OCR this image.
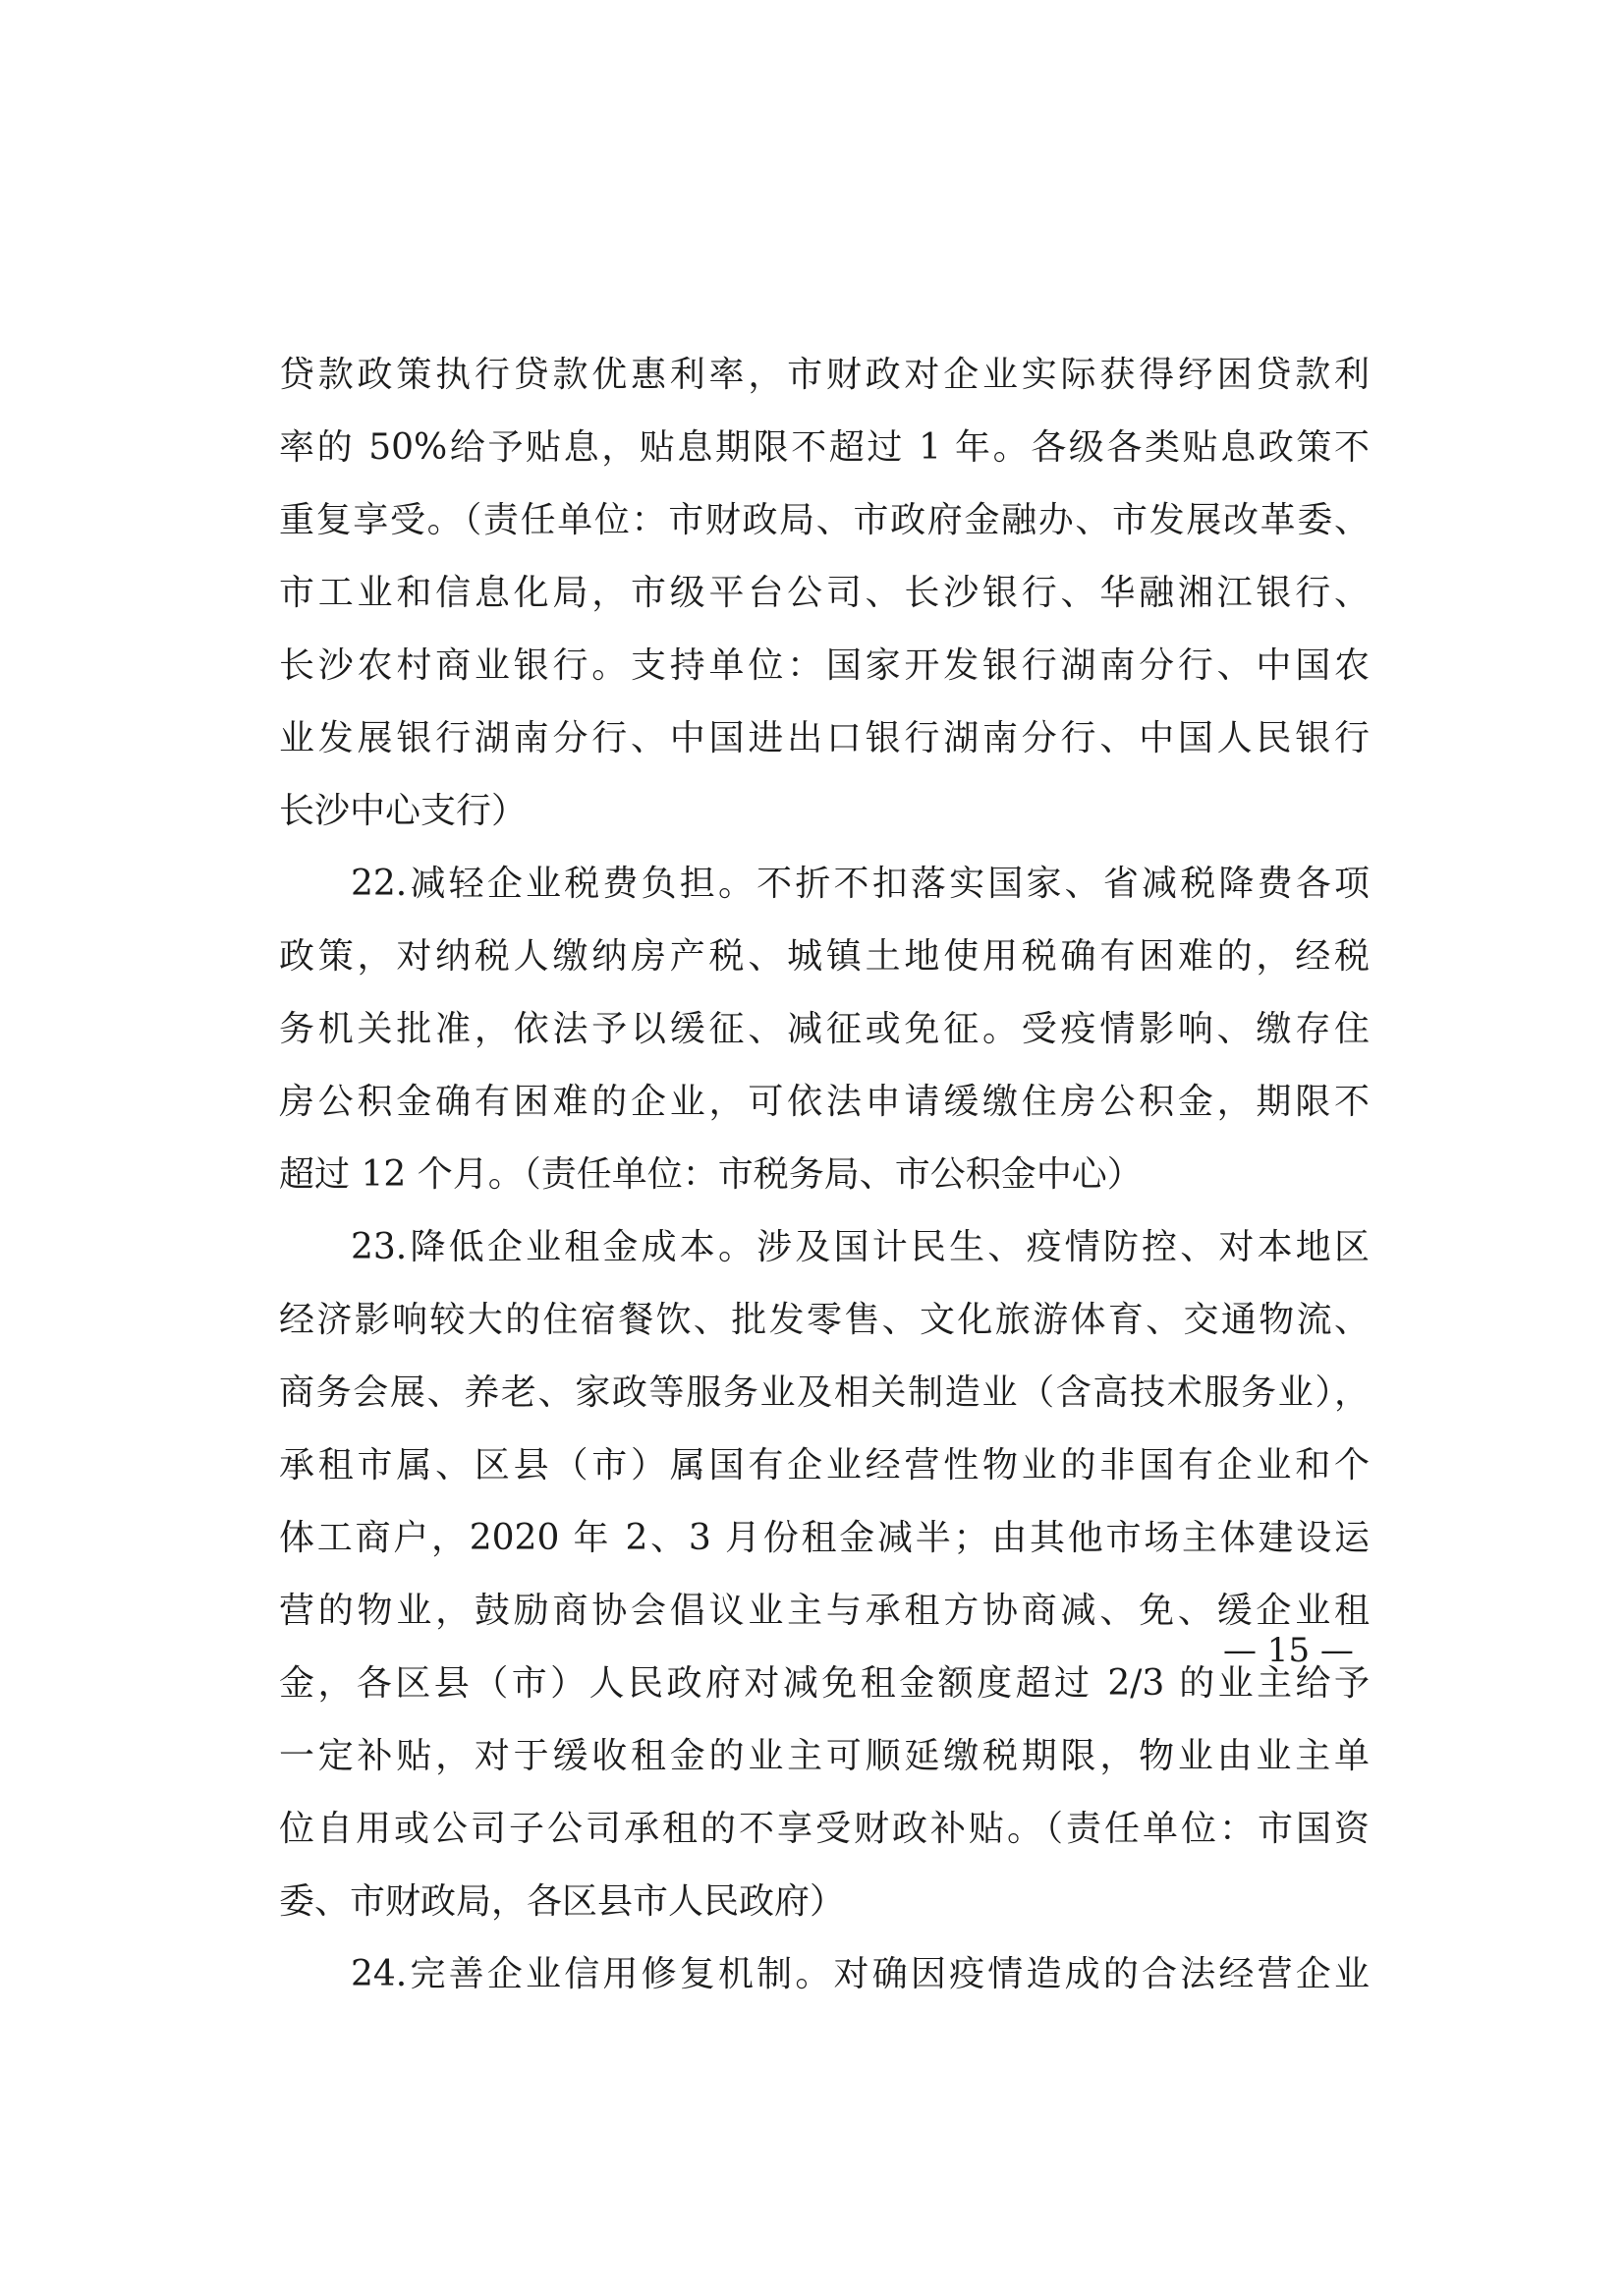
贷款政策执行贷款优惠利率，市财政对企业实际获得纾困贷款利
率的 50%给予贴息，贴息期限不超过 1 年。各级各类贴息政策不
重复享受。（责任单位：市财政局、市政府金融办、市发展改革委、
市工业和信息化局，市级平台公司、长沙银行、华融湘江银行、
长沙农村商业银行。支持单位：国家开发银行湖南分行、中国农
业发展银行湖南分行、中国进出口银行湖南分行、中国人民银行
长沙中心支行）
22.减轻企业税费负担。不折不扣落实国家、省减税降费各项
政策，对纳税人缴纳房产税、城镇土地使用税确有困难的，经税
务机关批准，依法予以缓征、减征或免征。受疫情影响、缴存住
房公积金确有困难的企业，可依法申请缓缴住房公积金，期限不
超过 12 个月。（责任单位：市税务局、市公积金中心）
23.降低企业租金成本。涉及国计民生、疫情防控、对本地区
经济影响较大的住宿餐饮、批发零售、文化旅游体育、交通物流、
商务会展、养老、家政等服务业及相关制造业（含高技术服务业），
承租市属、区县（市）属国有企业经营性物业的非国有企业和个
体工商户，2020 年 2、3 月份租金减半；由其他市场主体建设运
营的物业，鼓励商协会倡议业主与承租方协商减、免、缓企业租
金，各区县（市）人民政府对减免租金额度超过 2/3 的业主给予
一定补贴，对于缓收租金的业主可顺延缴税期限，物业由业主单
位自用或公司子公司承租的不享受财政补贴。（责任单位：市国资
委、市财政局，各区县市人民政府）
24.完善企业信用修复机制。对确因疫情造成的合法经营企业
— 15 —
